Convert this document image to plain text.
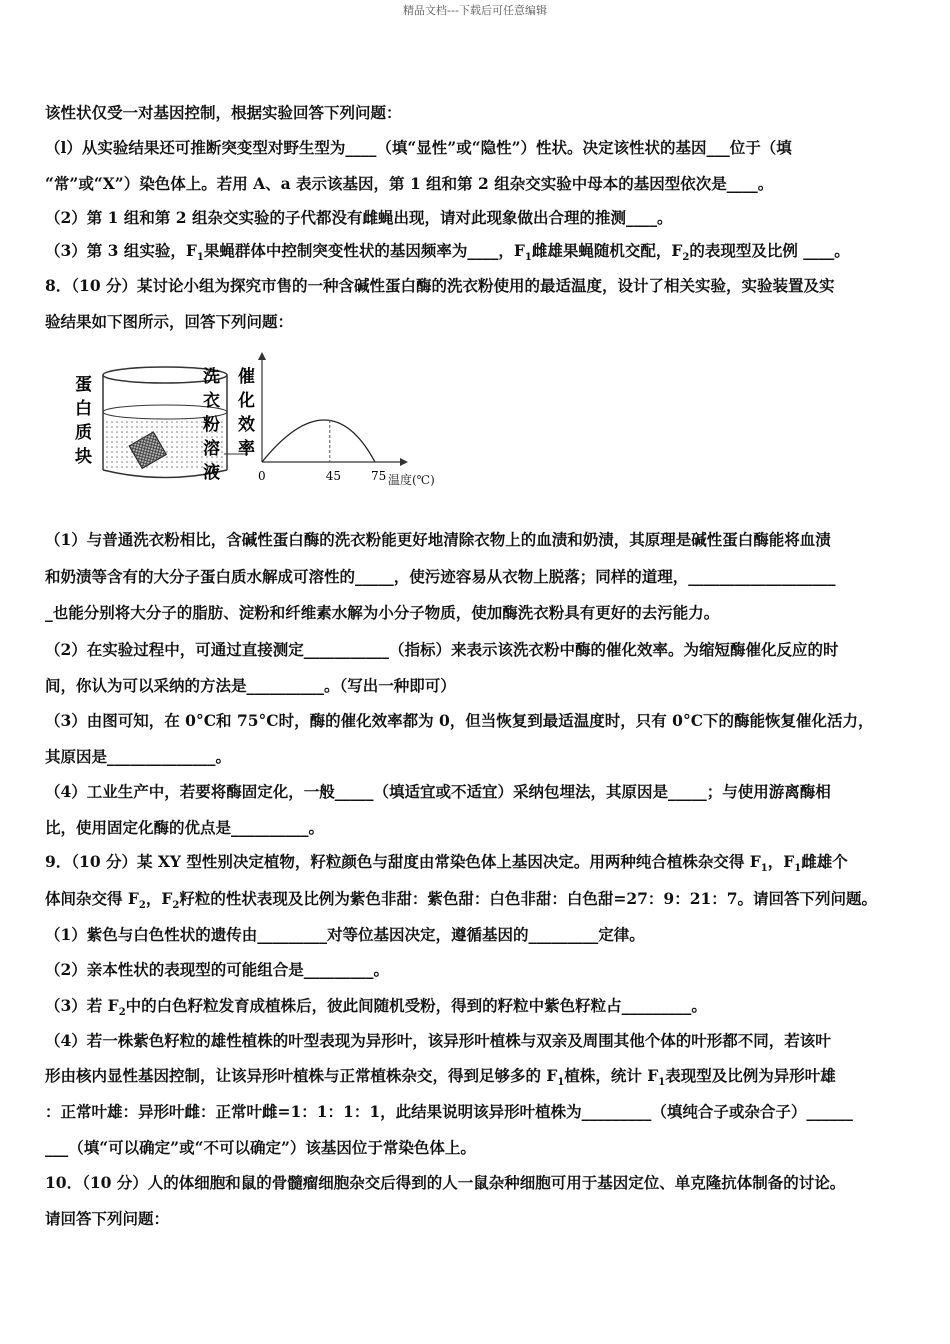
精品文档---下载后可任意编辑
该性状仅受一对基因控制，根据实验回答下列问题：
（l）从实验结果还可推断突变型对野生型为____（填“显性”或“隐性”）性状。决定该性状的基因___位于（填
“常”或“X”）染色体上。若用 A、a 表示该基因，第 1 组和第 2 组杂交实验中母本的基因型依次是____。
（2）第 1 组和第 2 组杂交实验的子代都没有雌蝇出现，请对此现象做出合理的推测____。
（3）第 3 组实验，$F_1$果蝇群体中控制突变性状的基因频率为____，$F_1$雌雄果蝇随机交配，$F_2$的表现型及比例 ____。
8．（10 分）某讨论小组为探究市售的一种含碱性蛋白酶的洗衣粉使用的最适温度，设计了相关实验，实验装置及实
验结果如下图所示，回答下列问题：
（1）与普通洗衣粉相比，含碱性蛋白酶的洗衣粉能更好地清除衣物上的血渍和奶渍，其原理是碱性蛋白酶能将血渍
和奶渍等含有的大分子蛋白质水解成可溶性的_____，使污迹容易从衣物上脱落；同样的道理，___________________
_也能分别将大分子的脂肪、淀粉和纤维素水解为小分子物质，使加酶洗衣粉具有更好的去污能力。
（2）在实验过程中，可通过直接测定___________（指标）来表示该洗衣粉中酶的催化效率。为缩短酶催化反应的时
间，你认为可以采纳的方法是__________。（写出一种即可）
（3）由图可知，在 0°C和 75°C时，酶的催化效率都为 0，但当恢复到最适温度时，只有 0°C下的酶能恢复催化活力，
其原因是______________。
（4）工业生产中，若要将酶固定化，一般_____（填适宜或不适宜）采纳包埋法，其原因是_____；与使用游离酶相
比，使用固定化酶的优点是__________。
9．（10 分）某 XY 型性别决定植物，籽粒颜色与甜度由常染色体上基因决定。用两种纯合植株杂交得 $F_1$，$F_1$雌雄个
体间杂交得 $F_2$，$F_2$籽粒的性状表现及比例为紫色非甜：紫色甜：白色非甜：白色甜=27：9：21：7。请回答下列问题。
（1）紫色与白色性状的遗传由_________对等位基因决定，遵循基因的_________定律。
（2）亲本性状的表现型的可能组合是_________。
（3）若 $F_2$中的白色籽粒发育成植株后，彼此间随机受粉，得到的籽粒中紫色籽粒占_________。
（4）若一株紫色籽粒的雄性植株的叶型表现为异形叶，该异形叶植株与双亲及周围其他个体的叶形都不同，若该叶
形由核内显性基因控制，让该异形叶植株与正常植株杂交，得到足够多的 $F_1$植株，统计 $F_1$表现型及比例为异形叶雄
：正常叶雄：异形叶雌：正常叶雌=1：1：1：1，此结果说明该异形叶植株为_________（填纯合子或杂合子）______
___（填“可以确定”或“不可以确定”）该基因位于常染色体上。
10．（10 分）人的体细胞和鼠的骨髓瘤细胞杂交后得到的人一鼠杂种细胞可用于基因定位、单克隆抗体制备的讨论。
请回答下列问题：
蛋
白
质
块
洗
衣
粉
溶
液
催
化
效
率
0	45 75 温度(℃)
